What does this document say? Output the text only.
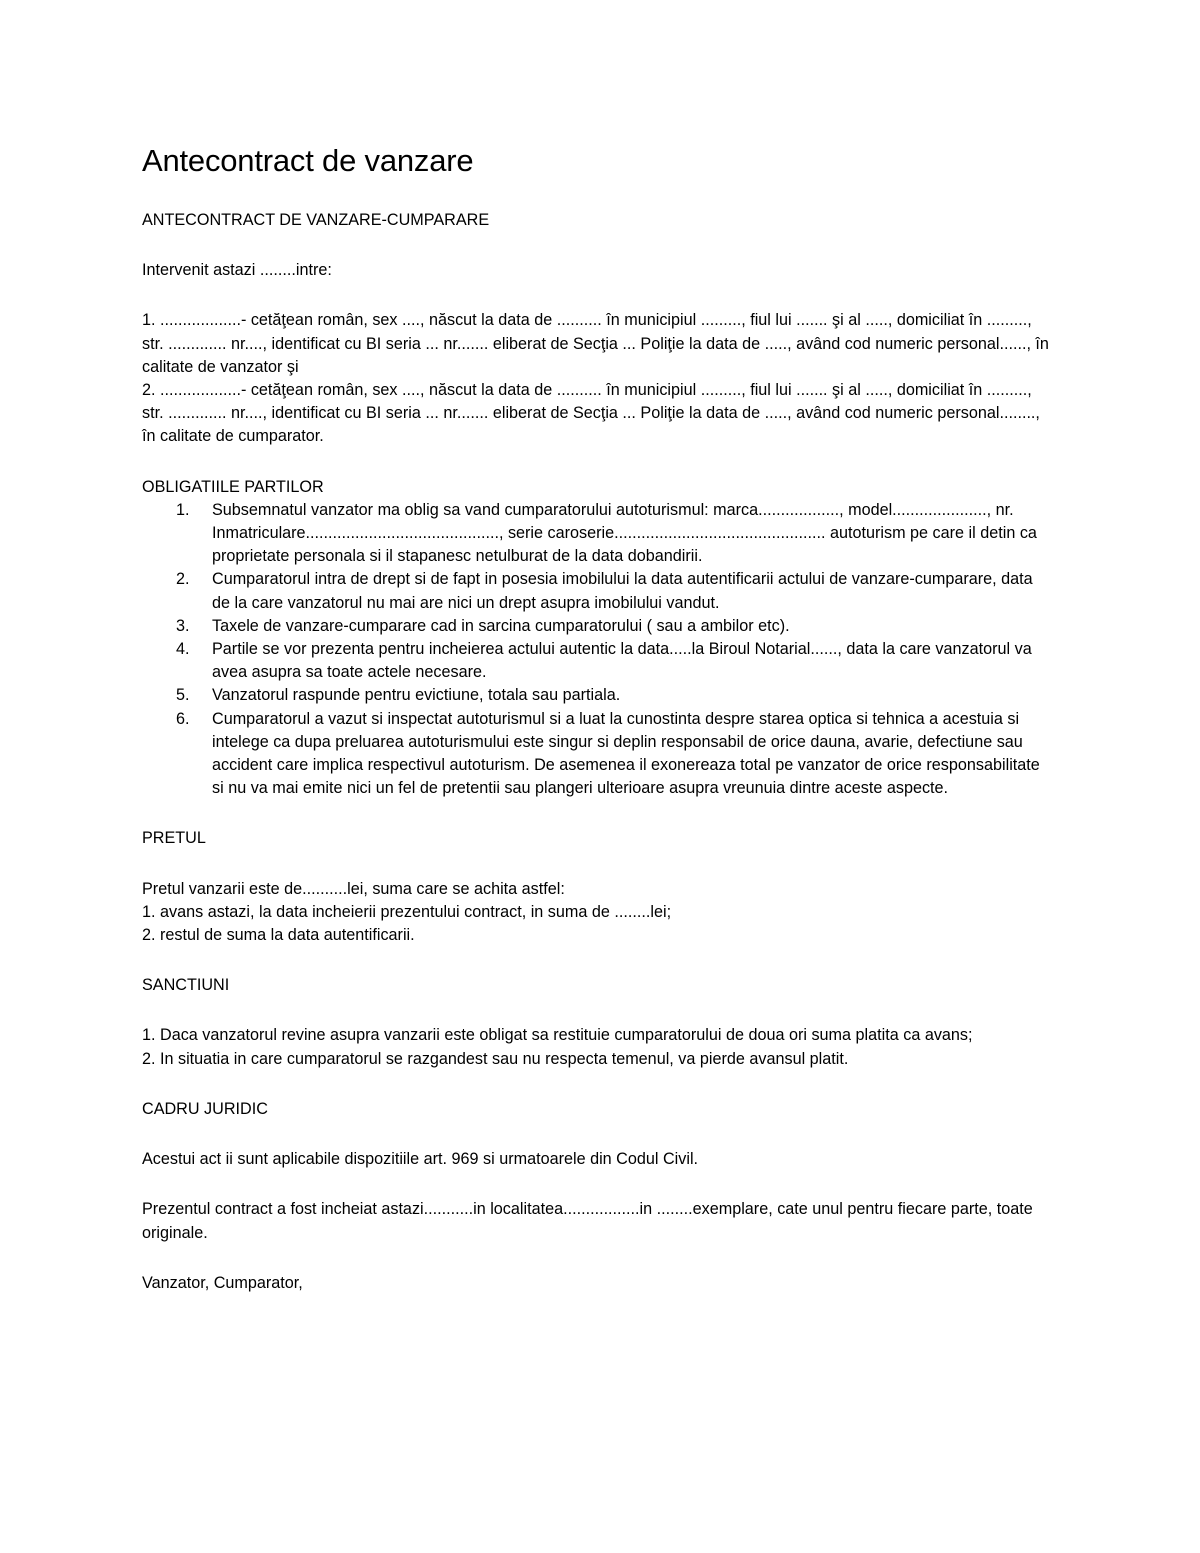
Antecontract de vanzare

ANTECONTRACT DE VANZARE-CUMPARARE

Intervenit astazi ........intre:

1. ..................- cetăţean român, sex ...., născut la data de .......... în municipiul ........., fiul lui ....... şi al ....., domiciliat în ........., str. ............. nr...., identificat cu BI seria ... nr....... eliberat de Secţia ... Poliţie la data de ....., având cod numeric personal......, în calitate de vanzator şi

2. ..................- cetăţean român, sex ...., născut la data de .......... în municipiul ........., fiul lui ....... şi al ....., domiciliat în ........., str. ............. nr...., identificat cu BI seria ... nr....... eliberat de Secţia ... Poliţie la data de ....., având cod numeric personal........, în calitate de cumparator.

OBLIGATIILE PARTILOR

1. Subsemnatul vanzator ma oblig sa vand cumparatorului autoturismul: marca.................., model....................., nr. Inmatriculare..........................................., serie caroserie............................................... autoturism pe care il detin ca proprietate personala si il stapanesc netulburat de la data dobandirii.
2. Cumparatorul intra de drept si de fapt in posesia imobilului la data autentificarii actului de vanzare-cumparare, data de la care vanzatorul nu mai are nici un drept asupra imobilului vandut.
3. Taxele de vanzare-cumparare cad in sarcina cumparatorului ( sau a ambilor etc).
4. Partile se vor prezenta pentru incheierea actului autentic la data.....la Biroul Notarial......, data la care vanzatorul va avea asupra sa toate actele necesare.
5. Vanzatorul raspunde pentru evictiune, totala sau partiala.
6. Cumparatorul a vazut si inspectat autoturismul si a luat la cunostinta despre starea optica si tehnica a acestuia si intelege ca dupa preluarea autoturismului este singur si deplin responsabil de orice dauna, avarie, defectiune sau accident care implica respectivul autoturism. De asemenea il exonereaza total pe vanzator de orice responsabilitate si nu va mai emite nici un fel de pretentii sau plangeri ulterioare asupra vreunuia dintre aceste aspecte.

PRETUL

Pretul vanzarii este de..........lei, suma care se achita astfel:

1. avans astazi, la data incheierii prezentului contract, in suma de ........lei;

2. restul de suma la data autentificarii.

SANCTIUNI

1. Daca vanzatorul revine asupra vanzarii este obligat sa restituie cumparatorului de doua ori suma platita ca avans;

2. In situatia in care cumparatorul se razgandest sau nu respecta temenul, va pierde avansul platit.

CADRU JURIDIC

Acestui act ii sunt aplicabile dispozitiile art. 969 si urmatoarele din Codul Civil.

Prezentul contract a fost incheiat astazi...........in localitatea.................in ........exemplare, cate unul pentru fiecare parte, toate originale.

Vanzator, Cumparator,
